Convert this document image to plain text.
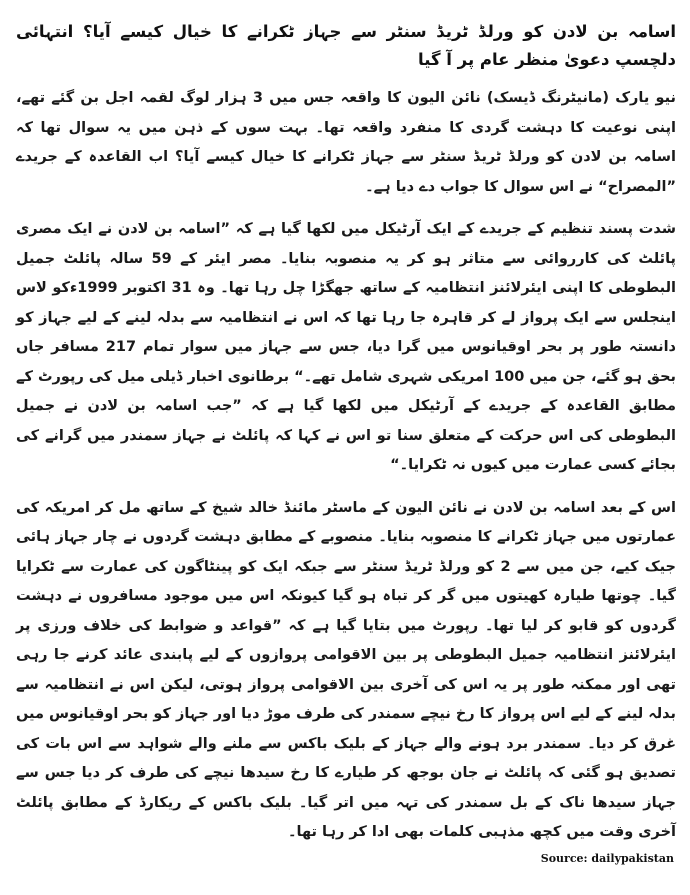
اسامہ بن لادن کو ورلڈ ٹریڈ سنٹر سے جہاز ٹکرانے کا خیال کیسے آیا؟ انتہائی دلچسپ دعویٰ منظر عام پر آ گیا

نیو یارک (مانیٹرنگ ڈیسک) نائن الیون کا واقعہ جس میں 3 ہزار لوگ لقمہ اجل بن گئے تھے، اپنی نوعیت کا دہشت گردی کا منفرد واقعہ تھا۔ بہت سوں کے ذہن میں یہ سوال تھا کہ اسامہ بن لادن کو ورلڈ ٹریڈ سنٹر سے جہاز ٹکرانے کا خیال کیسے آیا؟ اب القاعدہ کے جریدے ”المصراح“ نے اس سوال کا جواب دے دیا ہے۔

شدت پسند تنظیم کے جریدے کے ایک آرٹیکل میں لکھا گیا ہے کہ ”اسامہ بن لادن نے ایک مصری پائلٹ کی کارروائی سے متاثر ہو کر یہ منصوبہ بنایا۔ مصر ایئر کے 59 سالہ پائلٹ جمیل البطوطی کا اپنی ایئرلائنز انتظامیہ کے ساتھ جھگڑا چل رہا تھا۔ وہ 31 اکتوبر 1999ءکو لاس اینجلس سے ایک پرواز لے کر قاہرہ جا رہا تھا کہ اس نے انتظامیہ سے بدلہ لینے کے لیے جہاز کو دانستہ طور پر بحر اوقیانوس میں گرا دیا، جس سے جہاز میں سوار تمام 217 مسافر جاں بحق ہو گئے، جن میں 100 امریکی شہری شامل تھے۔“ برطانوی اخبار ڈیلی میل کی رپورٹ کے مطابق القاعدہ کے جریدے کے آرٹیکل میں لکھا گیا ہے کہ ”جب اسامہ بن لادن نے جمیل البطوطی کی اس حرکت کے متعلق سنا تو اس نے کہا کہ پائلٹ نے جہاز سمندر میں گرانے کی بجائے کسی عمارت میں کیوں نہ ٹکرایا۔“

اس کے بعد اسامہ بن لادن نے نائن الیون کے ماسٹر مائنڈ خالد شیخ کے ساتھ مل کر امریکہ کی عمارتوں میں جہاز ٹکرانے کا منصوبہ بنایا۔ منصوبے کے مطابق دہشت گردوں نے چار جہاز ہائی جیک کیے، جن میں سے 2 کو ورلڈ ٹریڈ سنٹر سے جبکہ ایک کو پینٹاگون کی عمارت سے ٹکرایا گیا۔ چوتھا طیارہ کھیتوں میں گر کر تباہ ہو گیا کیونکہ اس میں موجود مسافروں نے دہشت گردوں کو قابو کر لیا تھا۔ رپورٹ میں بتایا گیا ہے کہ ”قواعد و ضوابط کی خلاف ورزی پر ایئرلائنز انتظامیہ جمیل البطوطی پر بین الاقوامی پروازوں کے لیے پابندی عائد کرنے جا رہی تھی اور ممکنہ طور پر یہ اس کی آخری بین الاقوامی پرواز ہوتی، لیکن اس نے انتظامیہ سے بدلہ لینے کے لیے اس پرواز کا رخ نیچے سمندر کی طرف موڑ دیا اور جہاز کو بحر اوقیانوس میں غرق کر دیا۔ سمندر برد ہونے والے جہاز کے بلیک باکس سے ملنے والے شواہد سے اس بات کی تصدیق ہو گئی کہ پائلٹ نے جان بوجھ کر طیارے کا رخ سیدھا نیچے کی طرف کر دیا جس سے جہاز سیدھا ناک کے بل سمندر کی تہہ میں اتر گیا۔ بلیک باکس کے ریکارڈ کے مطابق پائلٹ آخری وقت میں کچھ مذہبی کلمات بھی ادا کر رہا تھا۔

Source: dailypakistan
